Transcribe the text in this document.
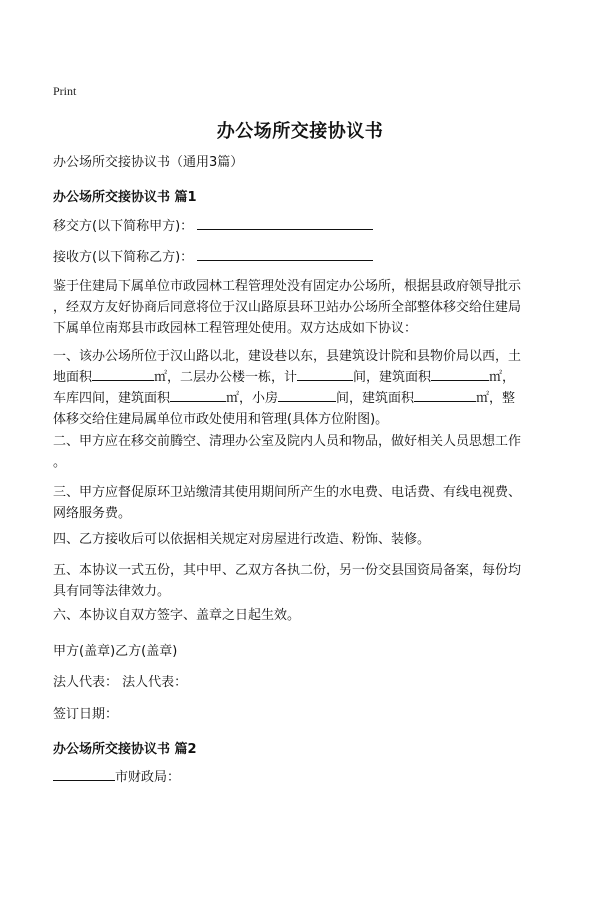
Print
办公场所交接协议书
办公场所交接协议书（通用3篇）
办公场所交接协议书 篇1
移交方(以下简称甲方)：
接收方(以下简称乙方)：
鉴于住建局下属单位市政园林工程管理处没有固定办公场所，根据县政府领导批示
，经双方友好协商后同意将位于汉山路原县环卫站办公场所全部整体移交给住建局
下属单位南郑县市政园林工程管理处使用。双方达成如下协议：
一、该办公场所位于汉山路以北，建设巷以东，县建筑设计院和县物价局以西，土
地面积	㎡，二层办公楼一栋，计	间，建筑面积	㎡，
车库四间，建筑面积	㎡，小房	间，建筑面积	㎡，整
体移交给住建局属单位市政处使用和管理(具体方位附图)。
二、甲方应在移交前腾空、清理办公室及院内人员和物品，做好相关人员思想工作
。
三、甲方应督促原环卫站缴清其使用期间所产生的水电费、电话费、有线电视费、
网络服务费。
四、乙方接收后可以依据相关规定对房屋进行改造、粉饰、装修。
五、本协议一式五份，其中甲、乙双方各执二份，另一份交县国资局备案，每份均
具有同等法律效力。
六、本协议自双方签字、盖章之日起生效。
甲方(盖章)乙方(盖章)
法人代表： 法人代表：
签订日期：
办公场所交接协议书 篇2
市财政局：
